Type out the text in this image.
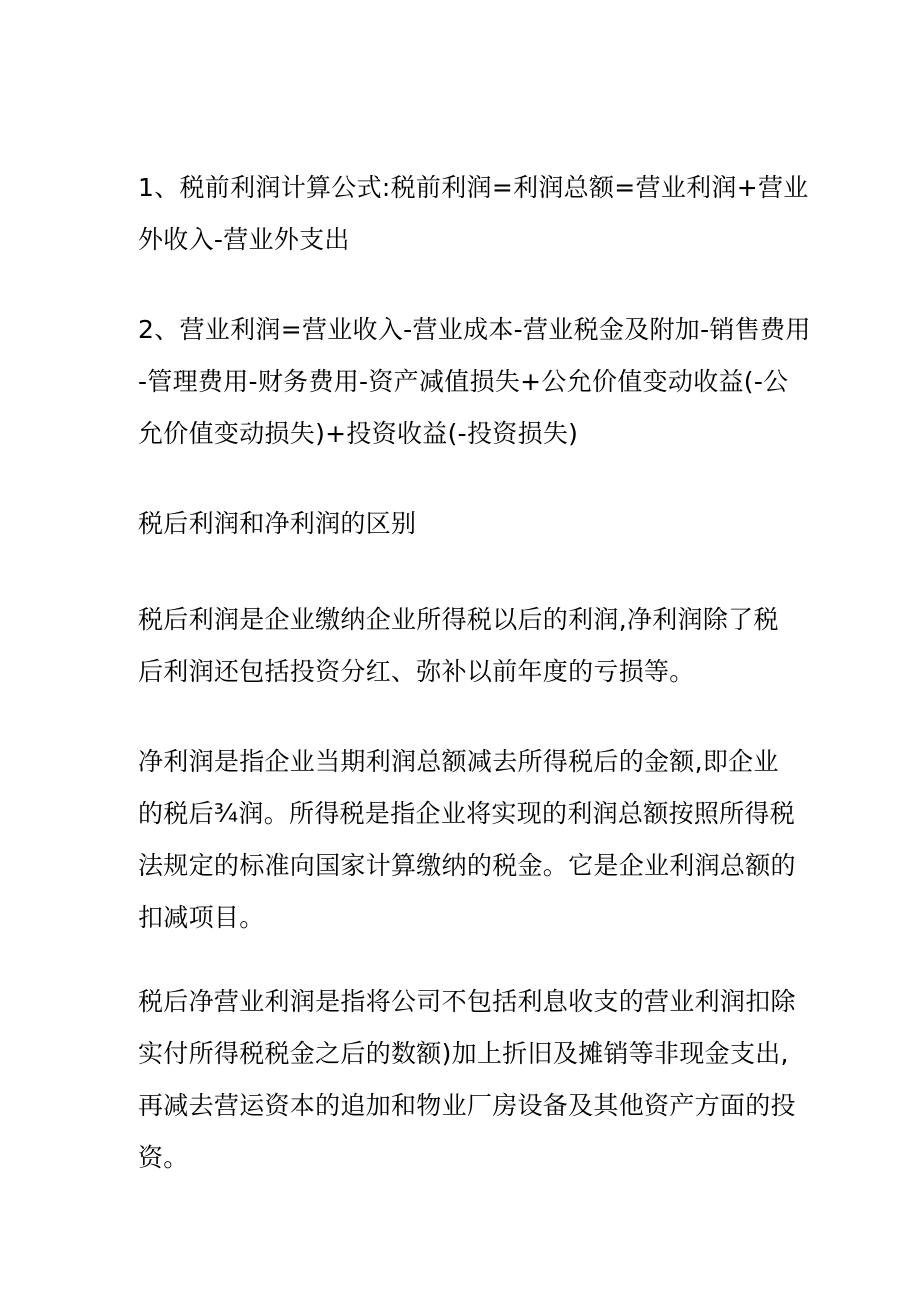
1、税前利润计算公式:税前利润=利润总额=营业利润+营业
外收入-营业外支出

2、营业利润=营业收入-营业成本-营业税金及附加-销售费用
-管理费用-财务费用-资产减值损失+公允价值变动收益(-公
允价值变动损失)+投资收益(-投资损失)

税后利润和净利润的区别

税后利润是企业缴纳企业所得税以后的利润,净利润除了税
后利润还包括投资分红、弥补以前年度的亏损等。

净利润是指企业当期利润总额减去所得税后的金额,即企业
的税后¾润。所得税是指企业将实现的利润总额按照所得税
法规定的标准向国家计算缴纳的税金。它是企业利润总额的
扣减项目。

税后净营业利润是指将公司不包括利息收支的营业利润扣除
实付所得税税金之后的数额)加上折旧及摊销等非现金支出,
再减去营运资本的追加和物业厂房设备及其他资产方面的投
资。
